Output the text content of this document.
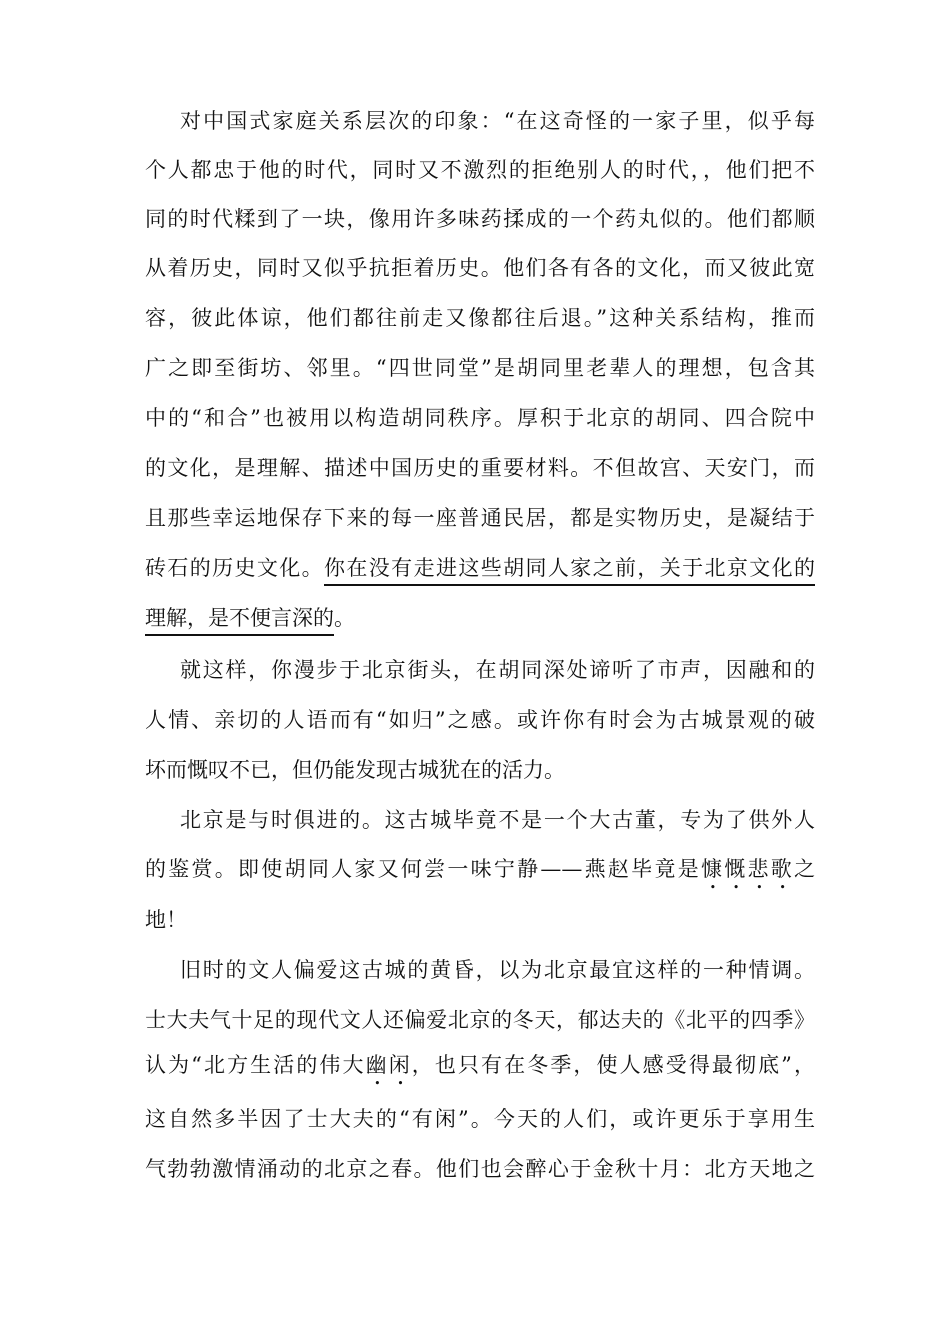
对中国式家庭关系层次的印象：“在这奇怪的一家子里，似乎每
个人都忠于他的时代，同时又不激烈的拒绝别人的时代，，他们把不
同的时代糅到了一块，像用许多味药揉成的一个药丸似的。他们都顺
从着历史，同时又似乎抗拒着历史。他们各有各的文化，而又彼此宽
容，彼此体谅，他们都往前走又像都往后退。”这种关系结构，推而
广之即至街坊、邻里。“四世同堂”是胡同里老辈人的理想，包含其
中的“和合”也被用以构造胡同秩序。厚积于北京的胡同、四合院中
的文化，是理解、描述中国历史的重要材料。不但故宫、天安门，而
且那些幸运地保存下来的每一座普通民居，都是实物历史，是凝结于
砖石的历史文化。你在没有走进这些胡同人家之前，关于北京文化的
理解，是不便言深的。
就这样，你漫步于北京街头，在胡同深处谛听了市声，因融和的
人情、亲切的人语而有“如归”之感。或许你有时会为古城景观的破
坏而慨叹不已，但仍能发现古城犹在的活力。
北京是与时俱进的。这古城毕竟不是一个大古董，专为了供外人
的鉴赏。即使胡同人家又何尝一味宁静——燕赵毕竟是慷慨悲歌之
地！
旧时的文人偏爱这古城的黄昏，以为北京最宜这样的一种情调。
士大夫气十足的现代文人还偏爱北京的冬天，郁达夫的《北平的四季》
认为“北方生活的伟大幽闲，也只有在冬季，使人感受得最彻底”，
这自然多半因了士大夫的“有闲”。今天的人们，或许更乐于享用生
气勃勃激情涌动的北京之春。他们也会醉心于金秋十月：北方天地之
